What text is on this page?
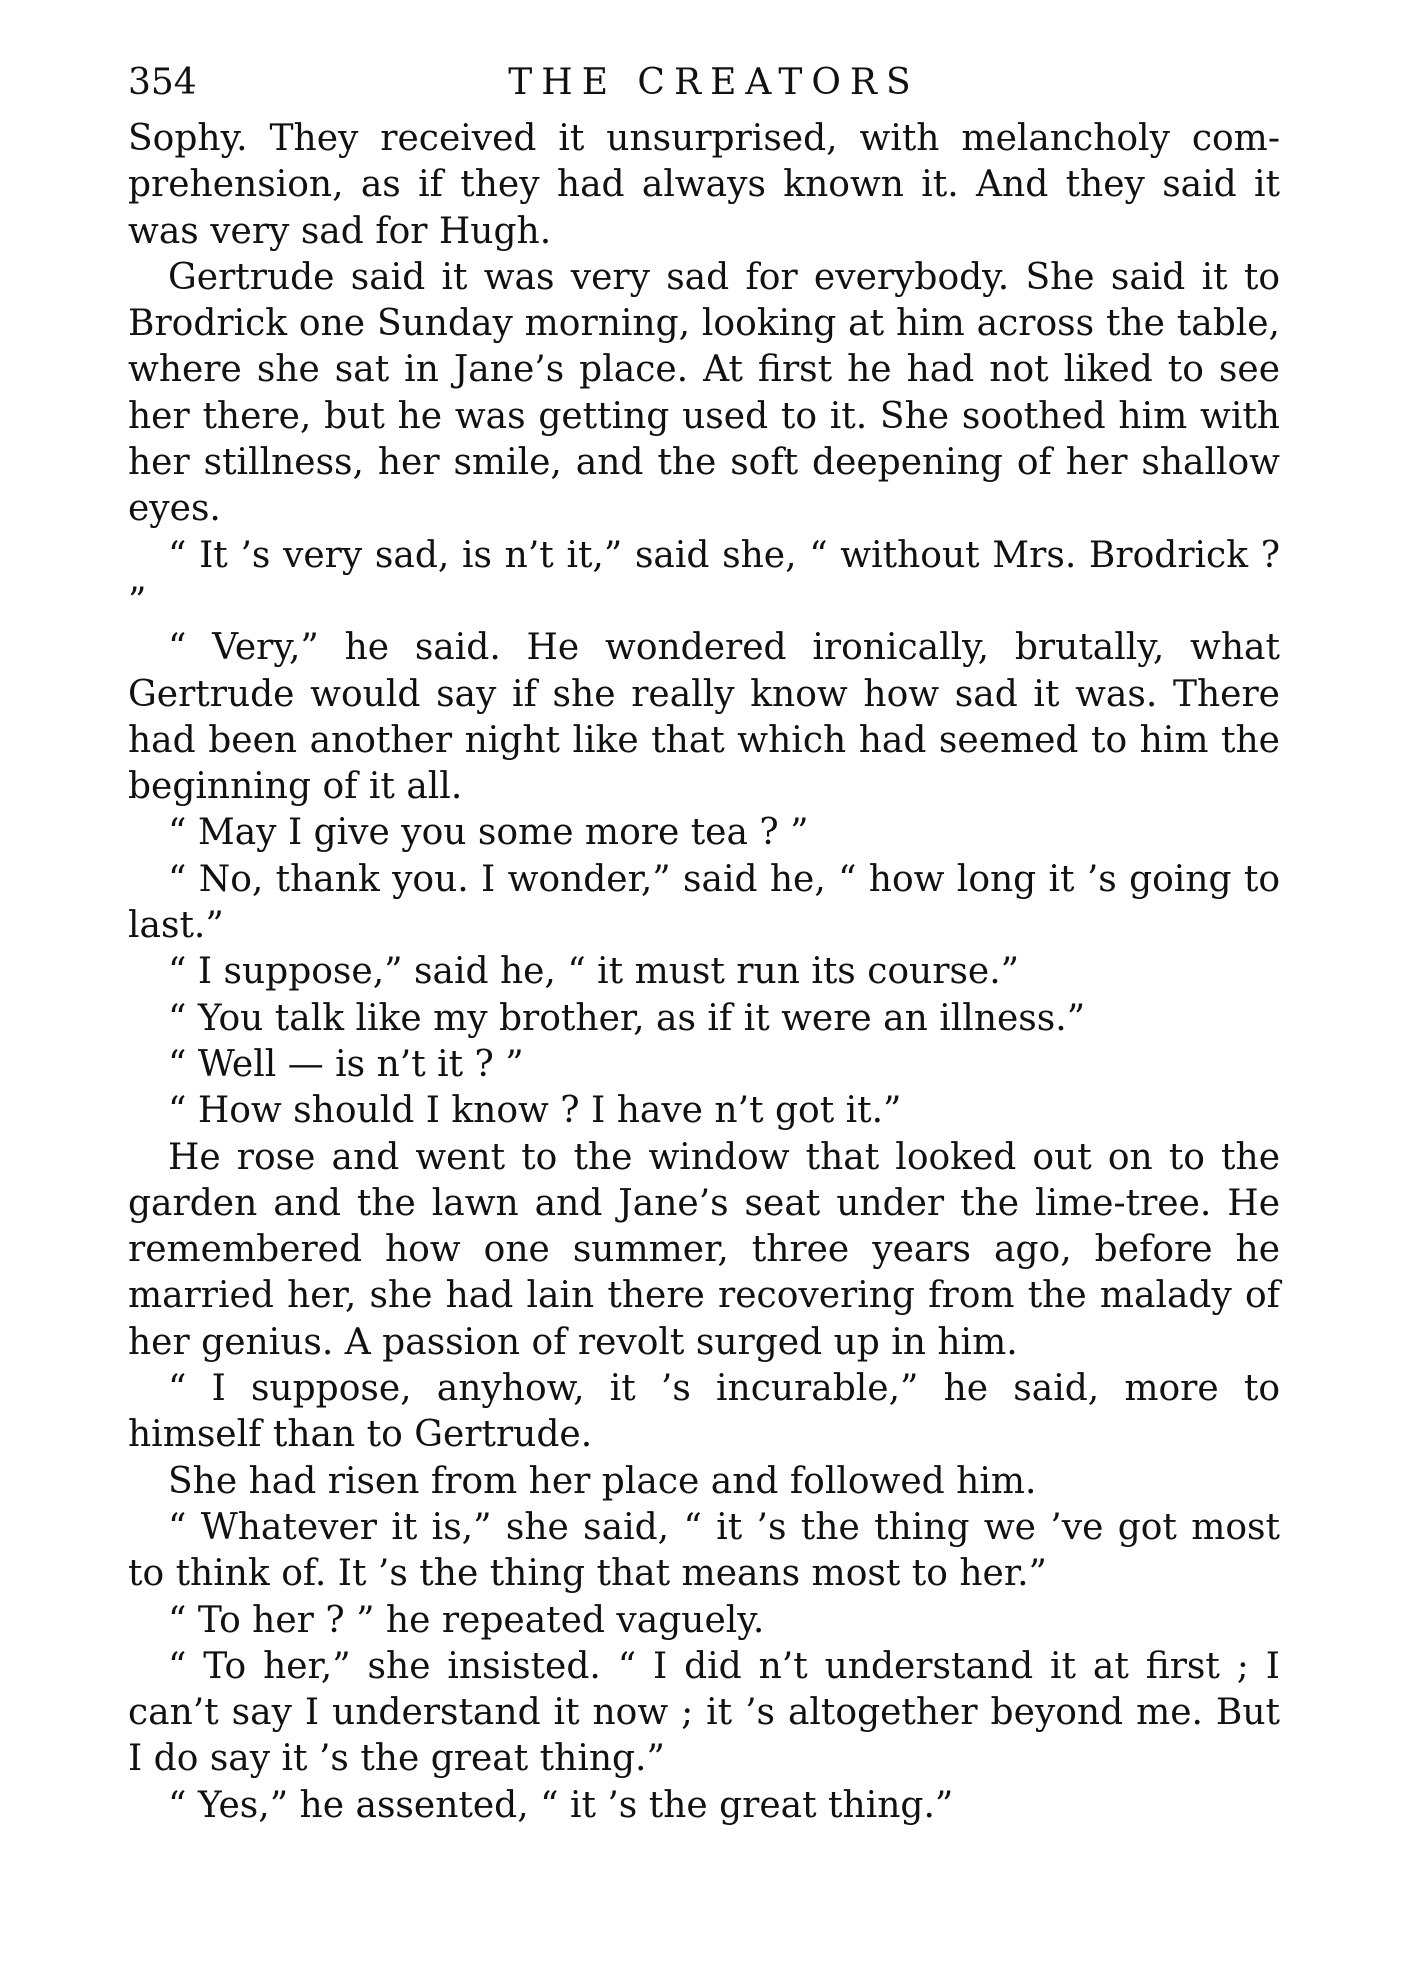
354	THE CREATORS

Sophy. They received it unsurprised, with melancholy comprehension, as if they had always known it. And they said it was very sad for Hugh.

Gertrude said it was very sad for everybody. She said it to Brodrick one Sunday morning, looking at him across the table, where she sat in Jane’s place. At first he had not liked to see her there, but he was getting used to it. She soothed him with her stillness, her smile, and the soft deepening of her shallow eyes.

“ It ’s very sad, is n’t it,” said she, “ without Mrs. Brodrick ? ”

“ Very,” he said. He wondered ironically, brutally, what Gertrude would say if she really know how sad it was. There had been another night like that which had seemed to him the beginning of it all.

“ May I give you some more tea ? ”

“ No, thank you. I wonder,” said he, “ how long it ’s going to last.”

“ I suppose,” said he, “ it must run its course.”

“ You talk like my brother, as if it were an illness.”

“ Well — is n’t it ? ”

“ How should I know ? I have n’t got it.”

He rose and went to the window that looked out on to the garden and the lawn and Jane’s seat under the lime-tree. He remembered how one summer, three years ago, before he married her, she had lain there recovering from the malady of her genius. A passion of revolt surged up in him.

“ I suppose, anyhow, it ’s incurable,” he said, more to himself than to Gertrude.

She had risen from her place and followed him.

“ Whatever it is,” she said, “ it ’s the thing we ’ve got most to think of. It ’s the thing that means most to her.”

“ To her ? ” he repeated vaguely.

“ To her,” she insisted. “ I did n’t understand it at first ; I can’t say I understand it now ; it ’s altogether beyond me. But I do say it ’s the great thing.”

“ Yes,” he assented, “ it ’s the great thing.”
